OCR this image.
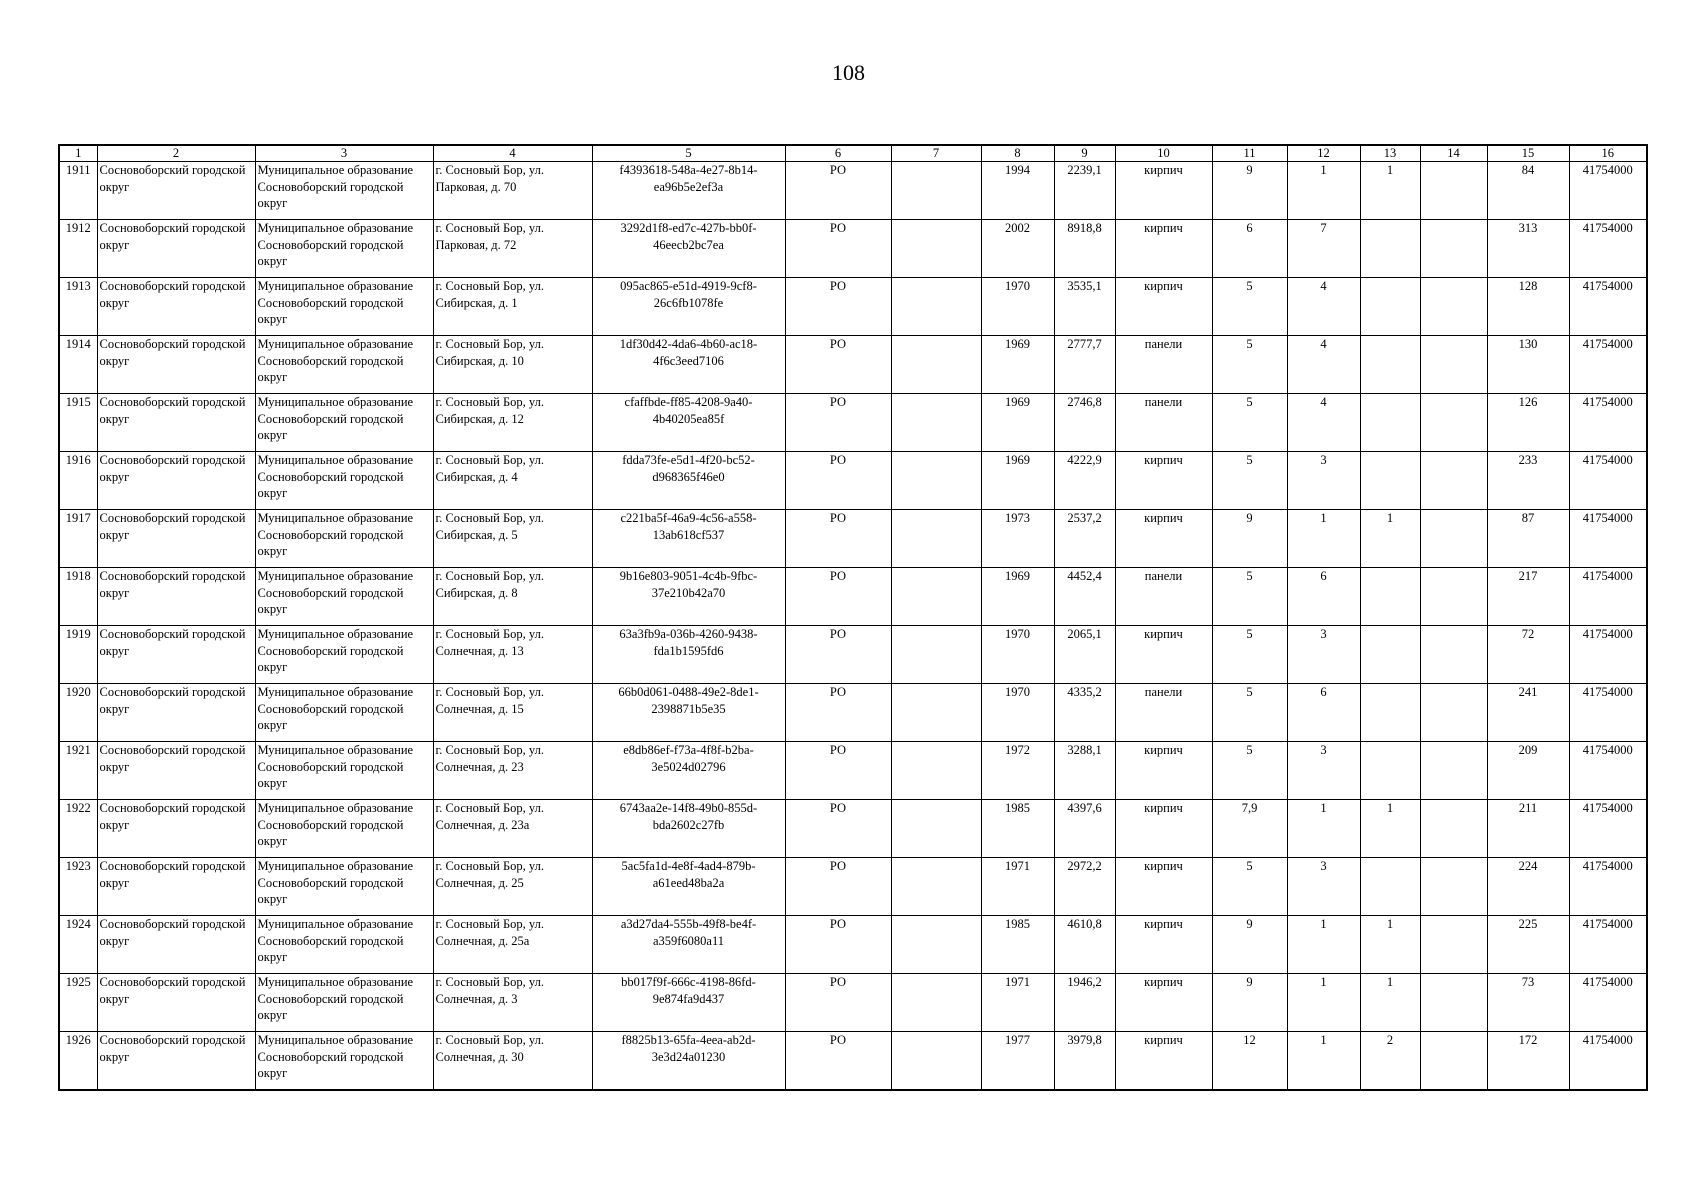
108
1	2	3	4	5	6	7	8	9	10	11	12	13	14	15	16
1911	Сосновоборский городской округ	Муниципальное образование Сосновоборский городской округ	г. Сосновый Бор, ул. Парковая, д. 70	f4393618-548a-4e27-8b14-ea96b5e2ef3a	РО		1994	2239,1	кирпич	9	1	1		84	41754000
1912	Сосновоборский городской округ	Муниципальное образование Сосновоборский городской округ	г. Сосновый Бор, ул. Парковая, д. 72	3292d1f8-ed7c-427b-bb0f-46eecb2bc7ea	РО		2002	8918,8	кирпич	6	7			313	41754000
1913	Сосновоборский городской округ	Муниципальное образование Сосновоборский городской округ	г. Сосновый Бор, ул. Сибирская, д. 1	095ac865-e51d-4919-9cf8-26c6fb1078fe	РО		1970	3535,1	кирпич	5	4			128	41754000
1914	Сосновоборский городской округ	Муниципальное образование Сосновоборский городской округ	г. Сосновый Бор, ул. Сибирская, д. 10	1df30d42-4da6-4b60-ac18-4f6c3eed7106	РО		1969	2777,7	панели	5	4			130	41754000
1915	Сосновоборский городской округ	Муниципальное образование Сосновоборский городской округ	г. Сосновый Бор, ул. Сибирская, д. 12	cfaffbde-ff85-4208-9a40-4b40205ea85f	РО		1969	2746,8	панели	5	4			126	41754000
1916	Сосновоборский городской округ	Муниципальное образование Сосновоборский городской округ	г. Сосновый Бор, ул. Сибирская, д. 4	fdda73fe-e5d1-4f20-bc52-d968365f46e0	РО		1969	4222,9	кирпич	5	3			233	41754000
1917	Сосновоборский городской округ	Муниципальное образование Сосновоборский городской округ	г. Сосновый Бор, ул. Сибирская, д. 5	c221ba5f-46a9-4c56-a558-13ab618cf537	РО		1973	2537,2	кирпич	9	1	1		87	41754000
1918	Сосновоборский городской округ	Муниципальное образование Сосновоборский городской округ	г. Сосновый Бор, ул. Сибирская, д. 8	9b16e803-9051-4c4b-9fbc-37e210b42a70	РО		1969	4452,4	панели	5	6			217	41754000
1919	Сосновоборский городской округ	Муниципальное образование Сосновоборский городской округ	г. Сосновый Бор, ул. Солнечная, д. 13	63a3fb9a-036b-4260-9438-fda1b1595fd6	РО		1970	2065,1	кирпич	5	3			72	41754000
1920	Сосновоборский городской округ	Муниципальное образование Сосновоборский городской округ	г. Сосновый Бор, ул. Солнечная, д. 15	66b0d061-0488-49e2-8de1-2398871b5e35	РО		1970	4335,2	панели	5	6			241	41754000
1921	Сосновоборский городской округ	Муниципальное образование Сосновоборский городской округ	г. Сосновый Бор, ул. Солнечная, д. 23	e8db86ef-f73a-4f8f-b2ba-3e5024d02796	РО		1972	3288,1	кирпич	5	3			209	41754000
1922	Сосновоборский городской округ	Муниципальное образование Сосновоборский городской округ	г. Сосновый Бор, ул. Солнечная, д. 23а	6743aa2e-14f8-49b0-855d-bda2602c27fb	РО		1985	4397,6	кирпич	7,9	1	1		211	41754000
1923	Сосновоборский городской округ	Муниципальное образование Сосновоборский городской округ	г. Сосновый Бор, ул. Солнечная, д. 25	5ac5fa1d-4e8f-4ad4-879b-a61eed48ba2a	РО		1971	2972,2	кирпич	5	3			224	41754000
1924	Сосновоборский городской округ	Муниципальное образование Сосновоборский городской округ	г. Сосновый Бор, ул. Солнечная, д. 25а	a3d27da4-555b-49f8-be4f-a359f6080a11	РО		1985	4610,8	кирпич	9	1	1		225	41754000
1925	Сосновоборский городской округ	Муниципальное образование Сосновоборский городской округ	г. Сосновый Бор, ул. Солнечная, д. 3	bb017f9f-666c-4198-86fd-9e874fa9d437	РО		1971	1946,2	кирпич	9	1	1		73	41754000
1926	Сосновоборский городской округ	Муниципальное образование Сосновоборский городской округ	г. Сосновый Бор, ул. Солнечная, д. 30	f8825b13-65fa-4eea-ab2d-3e3d24a01230	РО		1977	3979,8	кирпич	12	1	2		172	41754000
